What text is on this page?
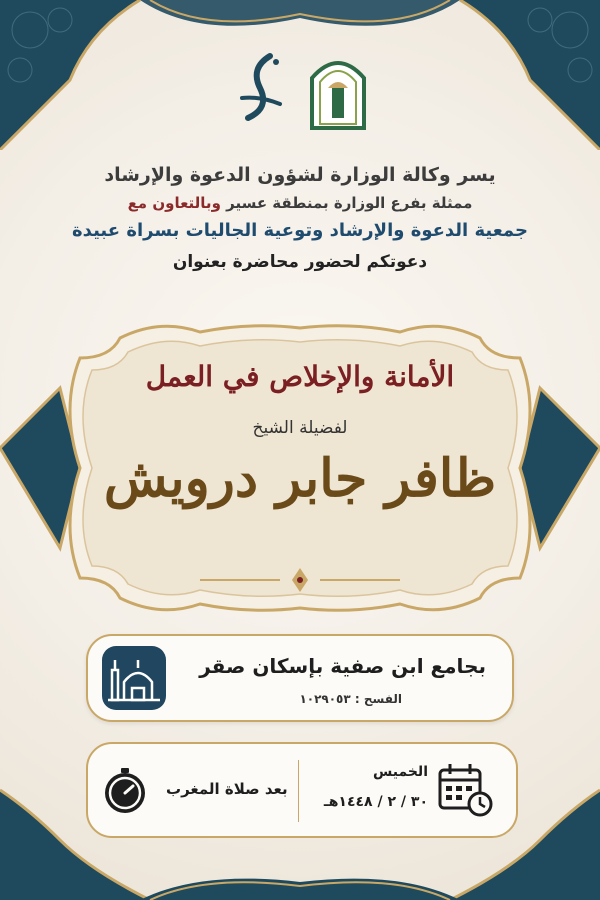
يسر وكالة الوزارة لشؤون الدعوة والإرشاد
ممثلة بفرع الوزارة بمنطقة عسير وبالتعاون مع
جمعية الدعوة والإرشاد وتوعية الجاليات بسراة عبيدة
دعوتكم لحضور محاضرة بعنوان
الأمانة والإخلاص في العمل
لفضيلة الشيخ
ظافر جابر درويش
بجامع ابن صفية بإسكان صقر
الفسح : ١٠٢٩٠٥٣
الخميس
٣٠ / ٢ / ١٤٤٨هـ
بعد صلاة المغرب
